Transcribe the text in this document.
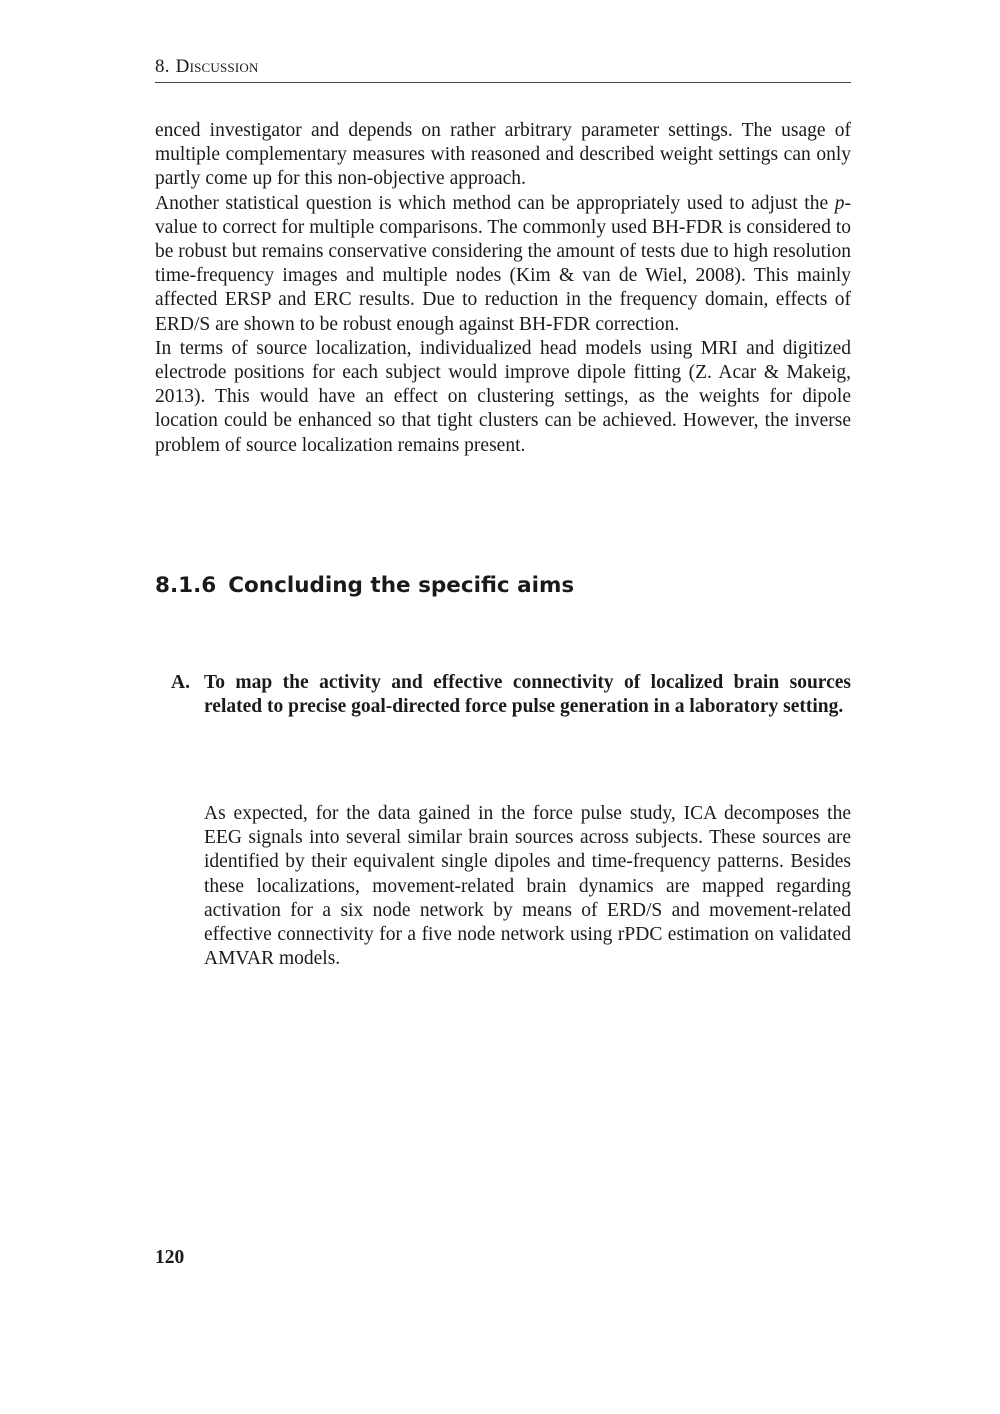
8. Discussion

enced investigator and depends on rather arbitrary parameter settings. The usage of multiple complementary measures with reasoned and described weight settings can only partly come up for this non-objective approach.

Another statistical question is which method can be appropriately used to adjust the p-value to correct for multiple comparisons. The commonly used BH-FDR is considered to be robust but remains conservative considering the amount of tests due to high resolution time-frequency images and multiple nodes (Kim & van de Wiel, 2008). This mainly affected ERSP and ERC results. Due to reduction in the frequency domain, effects of ERD/S are shown to be robust enough against BH-FDR correction.

In terms of source localization, individualized head models using MRI and digitized electrode positions for each subject would improve dipole fitting (Z. Acar & Makeig, 2013). This would have an effect on clustering settings, as the weights for dipole location could be enhanced so that tight clusters can be achieved. However, the inverse problem of source localization remains present.

8.1.6 Concluding the specific aims
A. To map the activity and effective connectivity of localized brain sources related to precise goal-directed force pulse generation in a laboratory setting.
As expected, for the data gained in the force pulse study, ICA decomposes the EEG signals into several similar brain sources across subjects. These sources are identified by their equivalent single dipoles and time-frequency patterns. Besides these localizations, movement-related brain dynamics are mapped regarding activation for a six node network by means of ERD/S and movement-related effective connectivity for a five node network using rPDC estimation on validated AMVAR models.
120
